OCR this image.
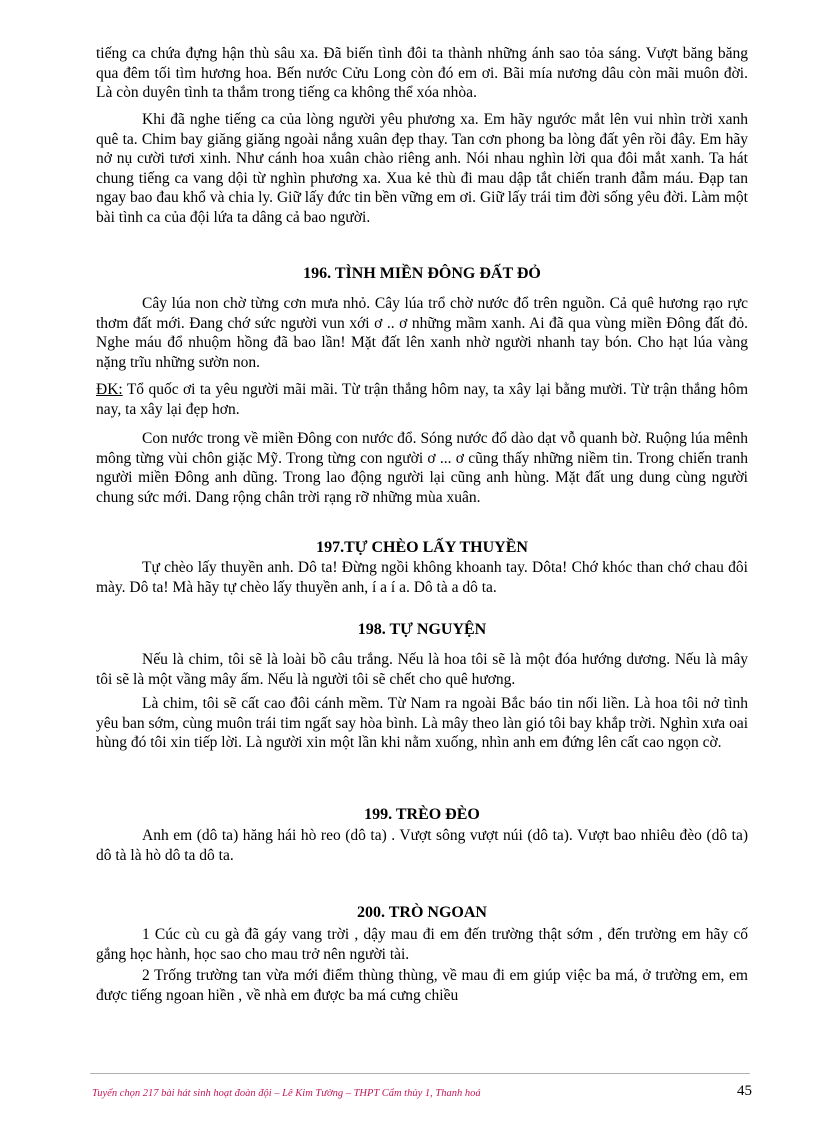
tiếng ca chứa đựng hận thù sâu xa. Đã biến tình đôi ta thành những ánh sao tỏa sáng. Vượt băng băng qua đêm tối tìm hương hoa. Bến nước Cửu Long còn đó em ơi. Bãi mía nương dâu còn mãi muôn đời. Là còn duyên tình ta thắm trong tiếng ca không thể xóa nhòa.

Khi đã nghe tiếng ca của lòng người yêu phương xa. Em hãy ngước mắt lên vui nhìn trời xanh quê ta. Chim bay giăng giăng ngoài nắng xuân đẹp thay. Tan cơn phong ba lòng đất yên rồi đây. Em hãy nở nụ cười tươi xinh. Như cánh hoa xuân chào riêng anh. Nói nhau nghìn lời qua đôi mắt xanh. Ta hát chung tiếng ca vang dội từ nghìn phương xa. Xua kẻ thù đi mau dập tắt chiến tranh đẫm máu. Đạp tan ngay bao đau khổ và chia ly. Giữ lấy đức tin bền vững em ơi. Giữ lấy trái tim đời sống yêu đời. Làm một bài tình ca của đội lứa ta dâng cả bao người.

196. TÌNH MIỀN ĐÔNG ĐẤT ĐỎ

Cây lúa non chờ từng cơn mưa nhỏ. Cây lúa trổ chờ nước đổ trên nguồn. Cả quê hương rạo rực thơm đất mới. Đang chớ sức người vun xới ơ .. ơ những mầm xanh. Ai đã qua vùng miền Đông đất đỏ. Nghe máu đổ nhuộm hồng đã bao lần! Mặt đất lên xanh nhờ người nhanh tay bón. Cho hạt lúa vàng nặng trĩu những sườn non.

ĐK: Tổ quốc ơi ta yêu người mãi mãi. Từ trận thắng hôm nay, ta xây lại bằng mười. Từ trận thắng hôm nay, ta xây lại đẹp hơn.

Con nước trong về miền Đông con nước đổ. Sóng nước đổ dào dạt vỗ quanh bờ. Ruộng lúa mênh mông từng vùi chôn giặc Mỹ. Trong từng con người ơ ... ơ cũng thấy những niềm tin. Trong chiến tranh người miền Đông anh dũng. Trong lao động người lại cũng anh hùng. Mặt đất ung dung cùng người chung sức mới. Dang rộng chân trời rạng rỡ những mùa xuân.

197.TỰ CHÈO LẤY THUYỀN

Tự chèo lấy thuyền anh. Dô ta! Đừng ngồi không khoanh tay. Dôta! Chớ khóc than chớ chau đôi mày. Dô ta! Mà hãy tự chèo lấy thuyền anh, í a í a. Dô tà a dô ta.

198. TỰ NGUYỆN

Nếu là chim, tôi sẽ là loài bồ câu trắng. Nếu là hoa tôi sẽ là một đóa hướng dương. Nếu là mây tôi sẽ là một vầng mây ấm. Nếu là người tôi sẽ chết cho quê hương.

Là chim, tôi sẽ cất cao đôi cánh mềm. Từ Nam ra ngoài Bắc báo tin nối liền. Là hoa tôi nở tình yêu ban sớm, cùng muôn trái tim ngất say hòa bình. Là mây theo làn gió tôi bay khắp trời. Nghìn xưa oai hùng đó tôi xin tiếp lời. Là người xin một lần khi nằm xuống, nhìn anh em đứng lên cất cao ngọn cờ.

199. TRÈO ĐÈO

Anh em (dô ta) hăng hái hò reo (dô ta) . Vượt sông vượt núi (dô ta). Vượt bao nhiêu đèo (dô ta) dô tà là hò dô ta dô ta.

200. TRÒ NGOAN

1 Cúc cù cu gà đã gáy vang trời , dậy mau đi em đến trường thật sớm , đến trường em hãy cố gắng học hành, học sao cho mau trở nên người tài.

2 Trống trường tan vừa mới điểm thùng thùng, về mau đi em giúp việc ba má, ở trường em, em được tiếng ngoan hiền , về nhà em được ba má cưng chiều

Tuyển chọn 217 bài hát sinh hoạt đoàn đội – Lê Kim Tường – THPT Cẩm thủy 1, Thanh hoá	45
